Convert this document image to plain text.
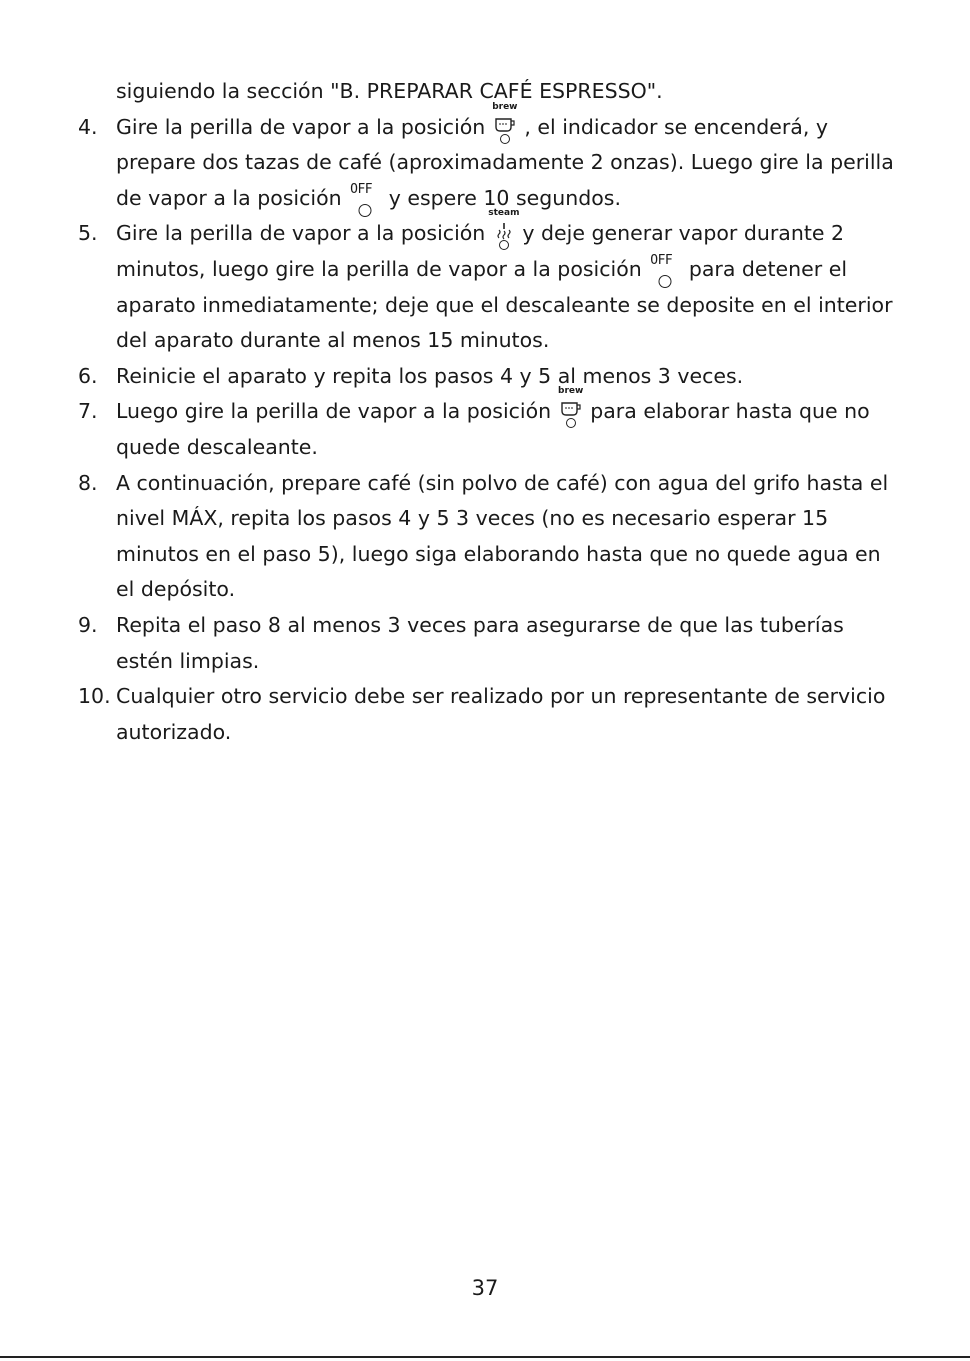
siguiendo la sección "B. PREPARAR CAFÉ ESPRESSO".
4. Gire la perilla de vapor a la posición
brew
, el indicador se encenderá, y prepare dos tazas de café (aproximadamente 2 onzas). Luego gire la perilla de vapor a la posición OFF y espere 10 segundos.
5. Gire la perilla de vapor a la posición
steam
y deje generar vapor durante 2 minutos, luego gire la perilla de vapor a la posición OFF para detener el aparato inmediatamente; deje que el descaleante se deposite en el interior del aparato durante al menos 15 minutos.
6. Reinicie el aparato y repita los pasos 4 y 5 al menos 3 veces.
7. Luego gire la perilla de vapor a la posición
brew
para elaborar hasta que no quede descaleante.
8. A continuación, prepare café (sin polvo de café) con agua del grifo hasta el nivel MÁX, repita los pasos 4 y 5 3 veces (no es necesario esperar 15 minutos en el paso 5), luego siga elaborando hasta que no quede agua en el depósito.
9. Repita el paso 8 al menos 3 veces para asegurarse de que las tuberías estén limpias.
10. Cualquier otro servicio debe ser realizado por un representante de servicio autorizado.
37
